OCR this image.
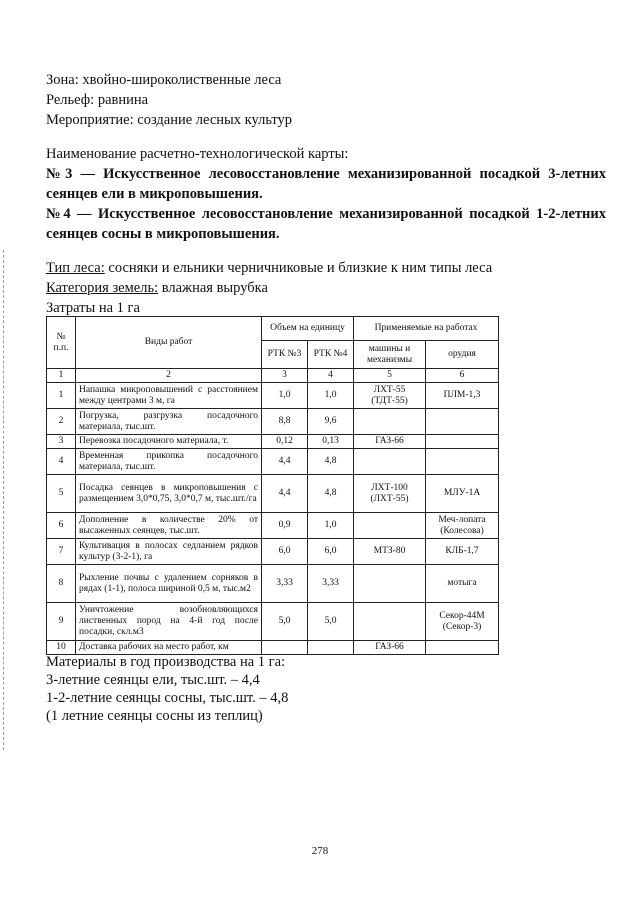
Зона: хвойно-широколиственные леса
Рельеф: равнина
Мероприятие: создание лесных культур
Наименование расчетно-технологической карты:
№3 — Искусственное лесовосстановление механизированной посадкой 3-летних сеянцев ели в микроповышения.
№4 — Искусственное лесовосстановление механизированной посадкой 1-2-летних сеянцев сосны в микроповышения.
Тип леса: сосняки и ельники черничниковые и близкие к ним типы леса
Категория земель: влажная вырубка
Затраты на 1 га
№ п.п.	Виды работ	Объем на единицу		Применяемые на работах	
		РТК №3	РТК №4	машины и механизмы	орудия
1	2	3	4	5	6
1	Напашка микроповышений с расстоянием между центрами 3 м, га	1,0	1,0	ЛХТ-55 (ТДТ-55)	ПЛМ-1,3
2	Погрузка, разгрузка посадочного материала, тыс.шт.	8,8	9,6		
3	Перевозка посадочного материала, т.	0,12	0,13	ГАЗ-66	
4	Временная прикопка посадочного материала, тыс.шт.	4,4	4,8		
5	Посадка сеянцев в микроповышения с размещением 3,0*0,75, 3,0*0,7 м, тыс.шт./га	4,4	4,8	ЛХТ-100 (ЛХТ-55)	МЛУ-1А
6	Дополнение в количестве 20% от высаженных сеянцев, тыс.шт.	0,9	1,0		Меч-лопата (Колесова)
7	Культивация в полосах седланием рядков культур (3-2-1), га	6,0	6,0	МТЗ-80	КЛБ-1,7
8	Рыхление почвы с удалением сорняков в рядах (1-1), полоса шириной 0,5 м, тыс.м2	3,33	3,33		мотыга
9	Уничтожение возобновляющихся лиственных пород на 4-й год после посадки, скл.м3	5,0	5,0		Секор-44М (Секор-3)
10	Доставка рабочих на место работ, км			ГАЗ-66	
Материалы в год производства на 1 га:
3-летние сеянцы ели, тыс.шт. – 4,4
1-2-летние сеянцы сосны, тыс.шт. – 4,8
(1 летние сеянцы сосны из теплиц)
278
